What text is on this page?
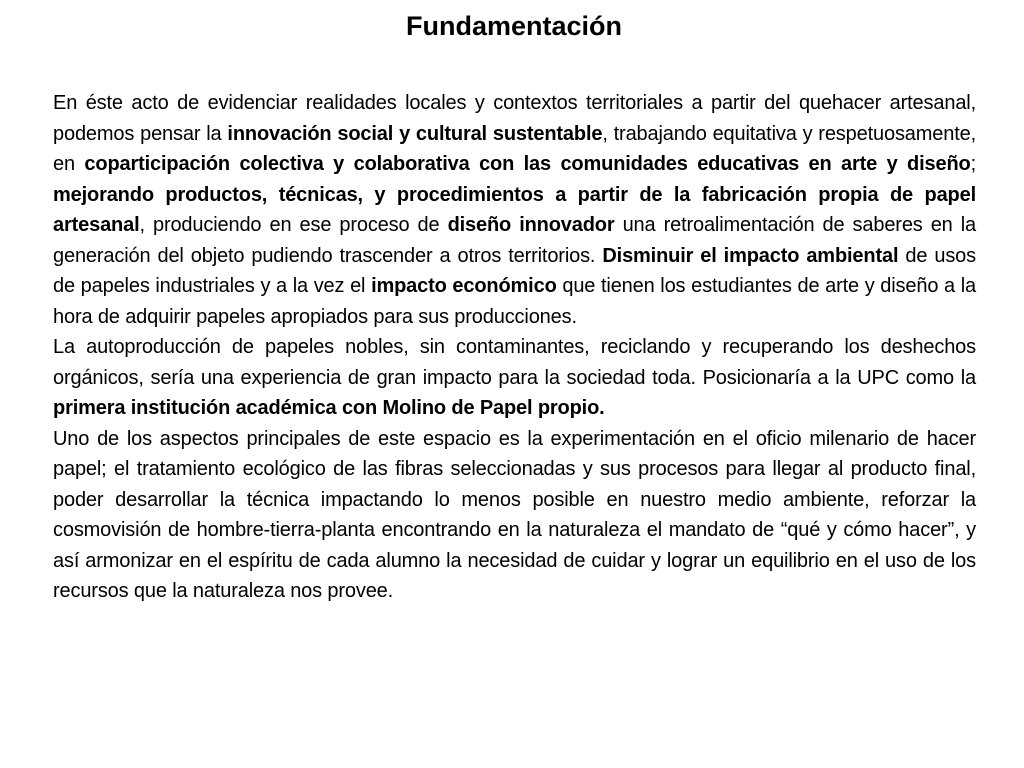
Fundamentación

En éste acto de evidenciar realidades locales y contextos territoriales a partir del quehacer artesanal, podemos pensar la innovación social y cultural sustentable, trabajando equitativa y respetuosamente, en coparticipación colectiva y colaborativa con las comunidades educativas en arte y diseño; mejorando productos, técnicas, y procedimientos a partir de la fabricación propia de papel artesanal, produciendo en ese proceso de diseño innovador una retroalimentación de saberes en la generación del objeto pudiendo trascender a otros territorios. Disminuir el impacto ambiental de usos de papeles industriales y a la vez el impacto económico que tienen los estudiantes de arte y diseño a la hora de adquirir papeles apropiados para sus producciones.

La autoproducción de papeles nobles, sin contaminantes, reciclando y recuperando los deshechos orgánicos, sería una experiencia de gran impacto para la sociedad toda. Posicionaría a la UPC como la primera institución académica con Molino de Papel propio.

Uno de los aspectos principales de este espacio es la experimentación en el oficio milenario de hacer papel; el tratamiento ecológico de las fibras seleccionadas y sus procesos para llegar al producto final, poder desarrollar la técnica impactando lo menos posible en nuestro medio ambiente, reforzar la cosmovisión de hombre-tierra-planta encontrando en la naturaleza el mandato de “qué y cómo hacer”, y así armonizar en el espíritu de cada alumno la necesidad de cuidar y lograr un equilibrio en el uso de los recursos que la naturaleza nos provee.
